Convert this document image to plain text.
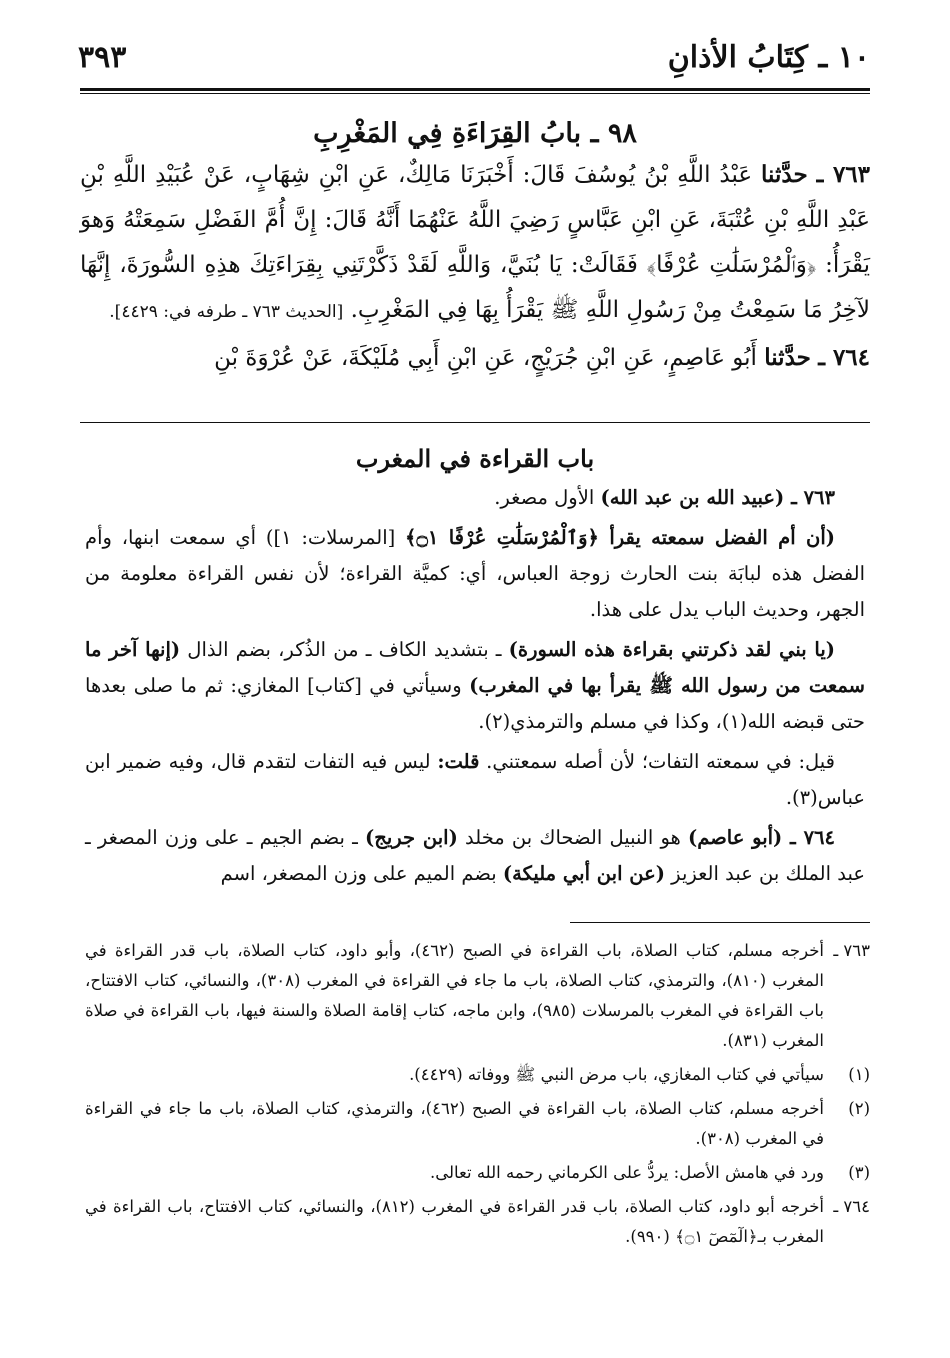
١٠ ـ كِتَابُ الأذانِ
٣٩٣
٩٨ ـ بابُ القِرَاءَةِ فِي المَغْرِبِ

٧٦٣ ـ حدَّثنا عَبْدُ اللَّهِ بْنُ يُوسُفَ قَالَ: أَخْبَرَنَا مَالِكٌ، عَنِ ابْنِ شِهَابٍ، عَنْ عُبَيْدِ اللَّهِ بْنِ عَبْدِ اللَّهِ بْنِ عُتْبَةَ، عَنِ ابْنِ عَبَّاسٍ رَضِيَ اللَّهُ عَنْهُمَا أَنَّهُ قَالَ: إِنَّ أُمَّ الفَضْلِ سَمِعَتْهُ وَهوَ يَقْرَأُ: ﴿وَٱلْمُرْسَلَٰتِ عُرْفًا﴾ فَقَالَتْ: يَا بُنَيَّ، وَاللَّهِ لَقَدْ ذَكَّرْتَنِي بِقِرَاءَتِكَ هذِهِ السُّورَةَ، إِنَّهَا لآخِرُ مَا سَمِعْتُ مِنْ رَسُولِ اللَّهِ ﷺ يَقْرَأُ بِهَا فِي المَغْرِبِ. [الحديث ٧٦٣ ـ طرفه في: ٤٤٢٩].

٧٦٤ ـ حدَّثنا أَبُو عَاصِمٍ، عَنِ ابْنِ جُرَيْجٍ، عَنِ ابْنِ أَبِي مُلَيْكَةَ، عَنْ عُرْوَةَ بْنِ

باب القراءة في المغرب

٧٦٣ ـ (عبيد الله بن عبد الله) الأول مصغر.

(أن أم الفضل سمعته يقرأ ﴿وَٱلْمُرْسَلَٰتِ عُرْفًا ۝١﴾ [المرسلات: ١]) أي سمعت ابنها، وأم الفضل هذه لبابَة بنت الحارث زوجة العباس، أي: كميَّة القراءة؛ لأن نفس القراءة معلومة من الجهر، وحديث الباب يدل على هذا.

(يا بني لقد ذكرتني بقراءة هذه السورة) ـ بتشديد الكاف ـ من الذُكر، بضم الذال (إنها آخر ما سمعت من رسول الله ﷺ يقرأ بها في المغرب) وسيأتي في [كتاب] المغازي: ثم ما صلى بعدها حتى قبضه الله(١)، وكذا في مسلم والترمذي(٢).

قيل: في سمعته التفات؛ لأن أصله سمعتني. قلت: ليس فيه التفات لتقدم قال، وفيه ضمير ابن عباس(٣).

٧٦٤ ـ (أبو عاصم) هو النبيل الضحاك بن مخلد (ابن جريج) ـ بضم الجيم ـ على وزن المصغر ـ عبد الملك بن عبد العزيز (عن ابن أبي مليكة) بضم الميم على وزن المصغر، اسم

٧٦٣ ـ
أخرجه مسلم، كتاب الصلاة، باب القراءة في الصبح (٤٦٢)، وأبو داود، كتاب الصلاة، باب قدر القراءة في المغرب (٨١٠)، والترمذي، كتاب الصلاة، باب ما جاء في القراءة في المغرب (٣٠٨)، والنسائي، كتاب الافتتاح، باب القراءة في المغرب بالمرسلات (٩٨٥)، وابن ماجه، كتاب إقامة الصلاة والسنة فيها، باب القراءة في صلاة المغرب (٨٣١).
(١)
سيأتي في كتاب المغازي، باب مرض النبي ﷺ ووفاته (٤٤٢٩).
(٢)
أخرجه مسلم، كتاب الصلاة، باب القراءة في الصبح (٤٦٢)، والترمذي، كتاب الصلاة، باب ما جاء في القراءة في المغرب (٣٠٨).
(٣)
ورد في هامش الأصل: يردُّ على الكرماني رحمه الله تعالى.
٧٦٤ ـ
أخرجه أبو داود، كتاب الصلاة، باب قدر القراءة في المغرب (٨١٢)، والنسائي، كتاب الافتتاح، باب القراءة في المغرب بـ﴿الٓمٓصٓ ۝١﴾ (٩٩٠).
